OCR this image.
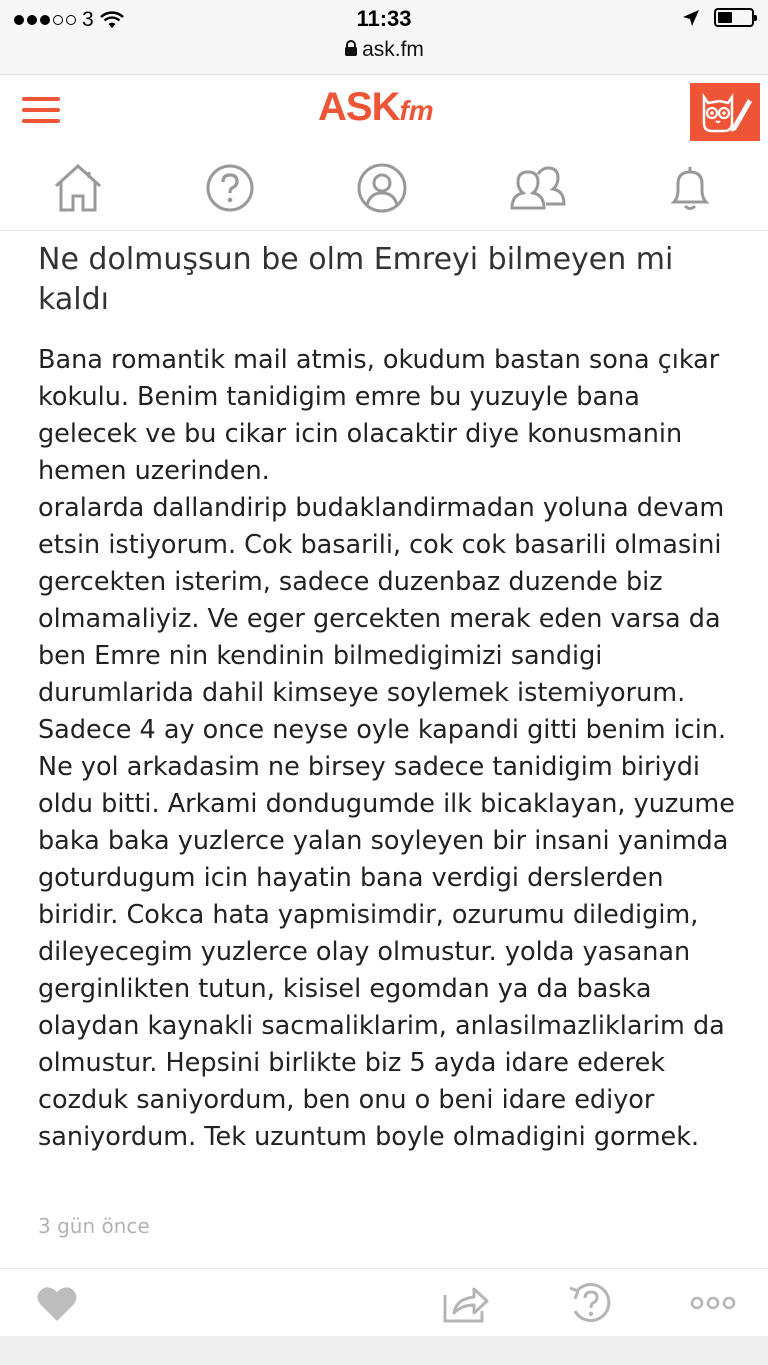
3	11:33
ask.fm
ASKfm
Ne dolmuşsun be olm Emreyi bilmeyen mi kaldı
Bana romantik mail atmis, okudum bastan sona çıkar kokulu. Benim tanidigim emre bu yuzuyle bana gelecek ve bu cikar icin olacaktir diye konusmanin hemen uzerinden.
oralarda dallandirip budaklandirmadan yoluna devam etsin istiyorum. Cok basarili, cok cok basarili olmasini gercekten isterim, sadece duzenbaz duzende biz olmamaliyiz. Ve eger gercekten merak eden varsa da ben Emre nin kendinin bilmedigimizi sandigi durumlarida dahil kimseye soylemek istemiyorum. Sadece 4 ay once neyse oyle kapandi gitti benim icin. Ne yol arkadasim ne birsey sadece tanidigim biriydi oldu bitti. Arkami dondugumde ilk bicaklayan, yuzume baka baka yuzlerce yalan soyleyen bir insani yanimda goturdugum icin hayatin bana verdigi derslerden biridir. Cokca hata yapmisimdir, ozurumu diledigim, dileyecegim yuzlerce olay olmustur. yolda yasanan gerginlikten tutun, kisisel egomdan ya da baska olaydan kaynakli sacmaliklarim, anlasilmazliklarim da olmustur. Hepsini birlikte biz 5 ayda idare ederek cozduk saniyordum, ben onu o beni idare ediyor saniyordum. Tek uzuntum boyle olmadigini gormek.
3 gün önce
